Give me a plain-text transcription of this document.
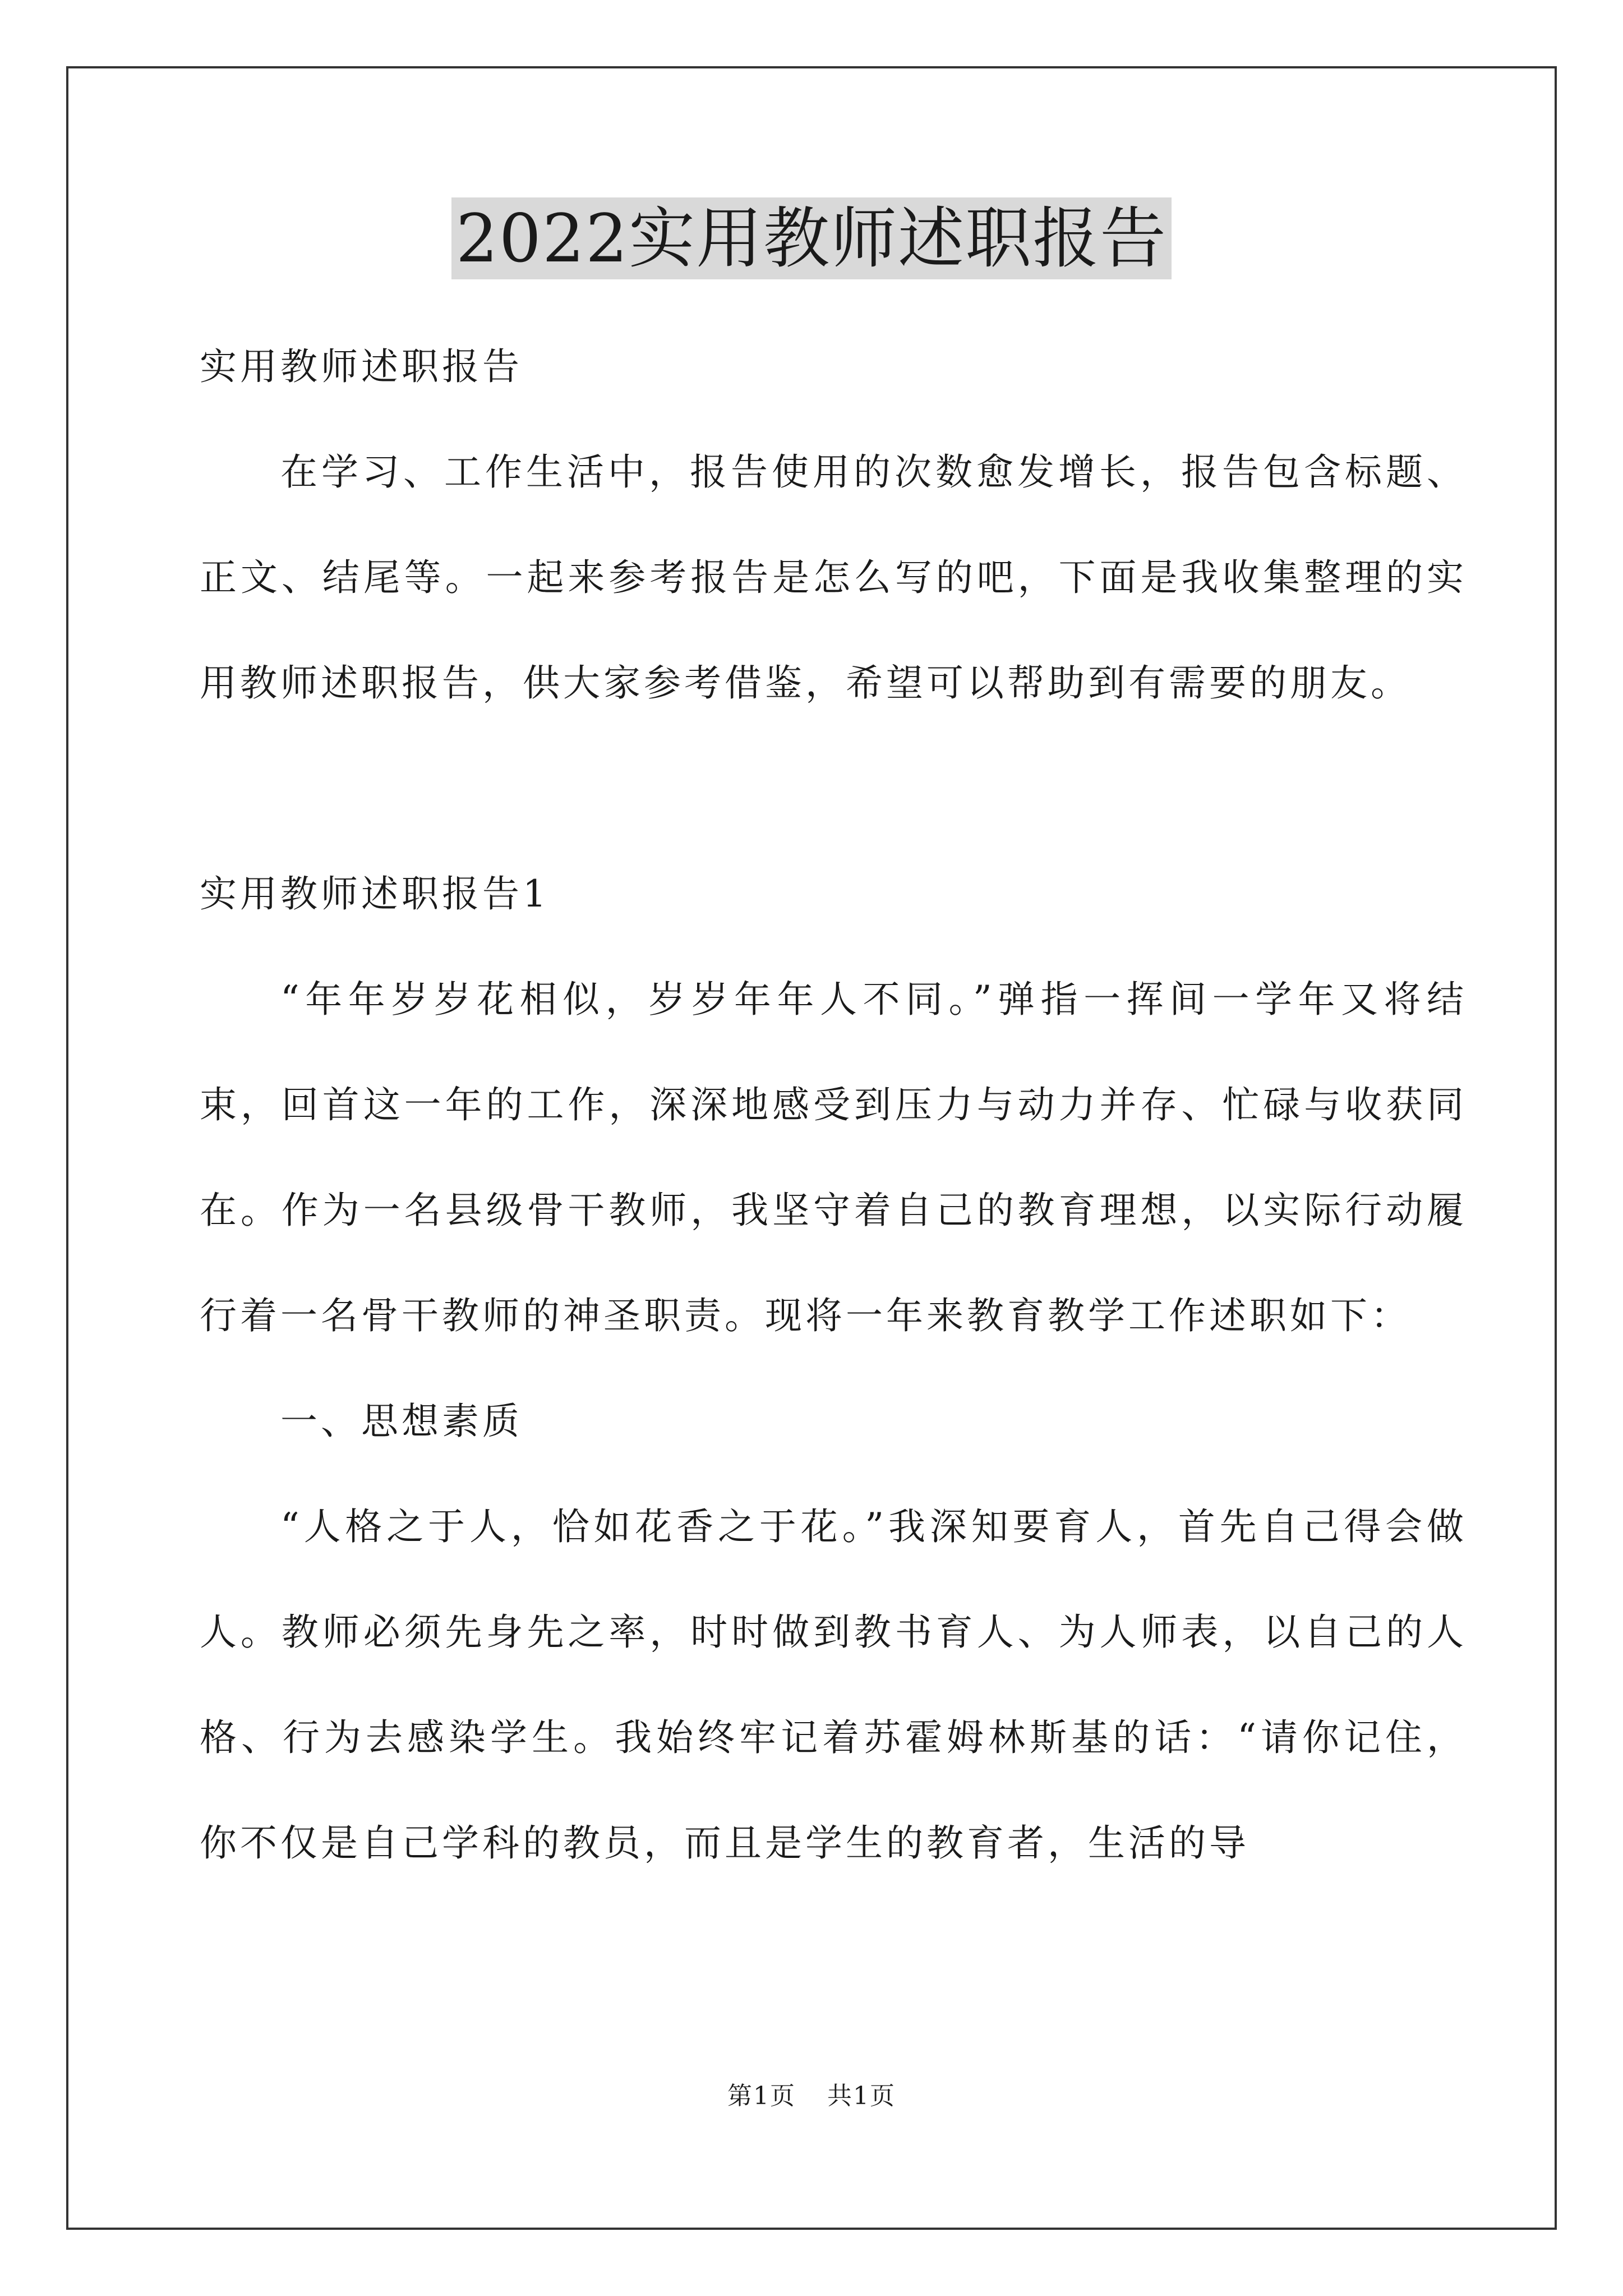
2022实用教师述职报告

实用教师述职报告

在学习、工作生活中，报告使用的次数愈发增长，报告包含标题、正文、结尾等。一起来参考报告是怎么写的吧，下面是我收集整理的实用教师述职报告，供大家参考借鉴，希望可以帮助到有需要的朋友。

实用教师述职报告1

“年年岁岁花相似，岁岁年年人不同。”弹指一挥间一学年又将结束，回首这一年的工作，深深地感受到压力与动力并存、忙碌与收获同在。作为一名县级骨干教师，我坚守着自己的教育理想，以实际行动履行着一名骨干教师的神圣职责。现将一年来教育教学工作述职如下：

一、思想素质

“人格之于人，恰如花香之于花。”我深知要育人，首先自己得会做人。教师必须先身先之率，时时做到教书育人、为人师表，以自己的人格、行为去感染学生。我始终牢记着苏霍姆林斯基的话：“请你记住，你不仅是自己学科的教员，而且是学生的教育者，生活的导

第1页 共1页
